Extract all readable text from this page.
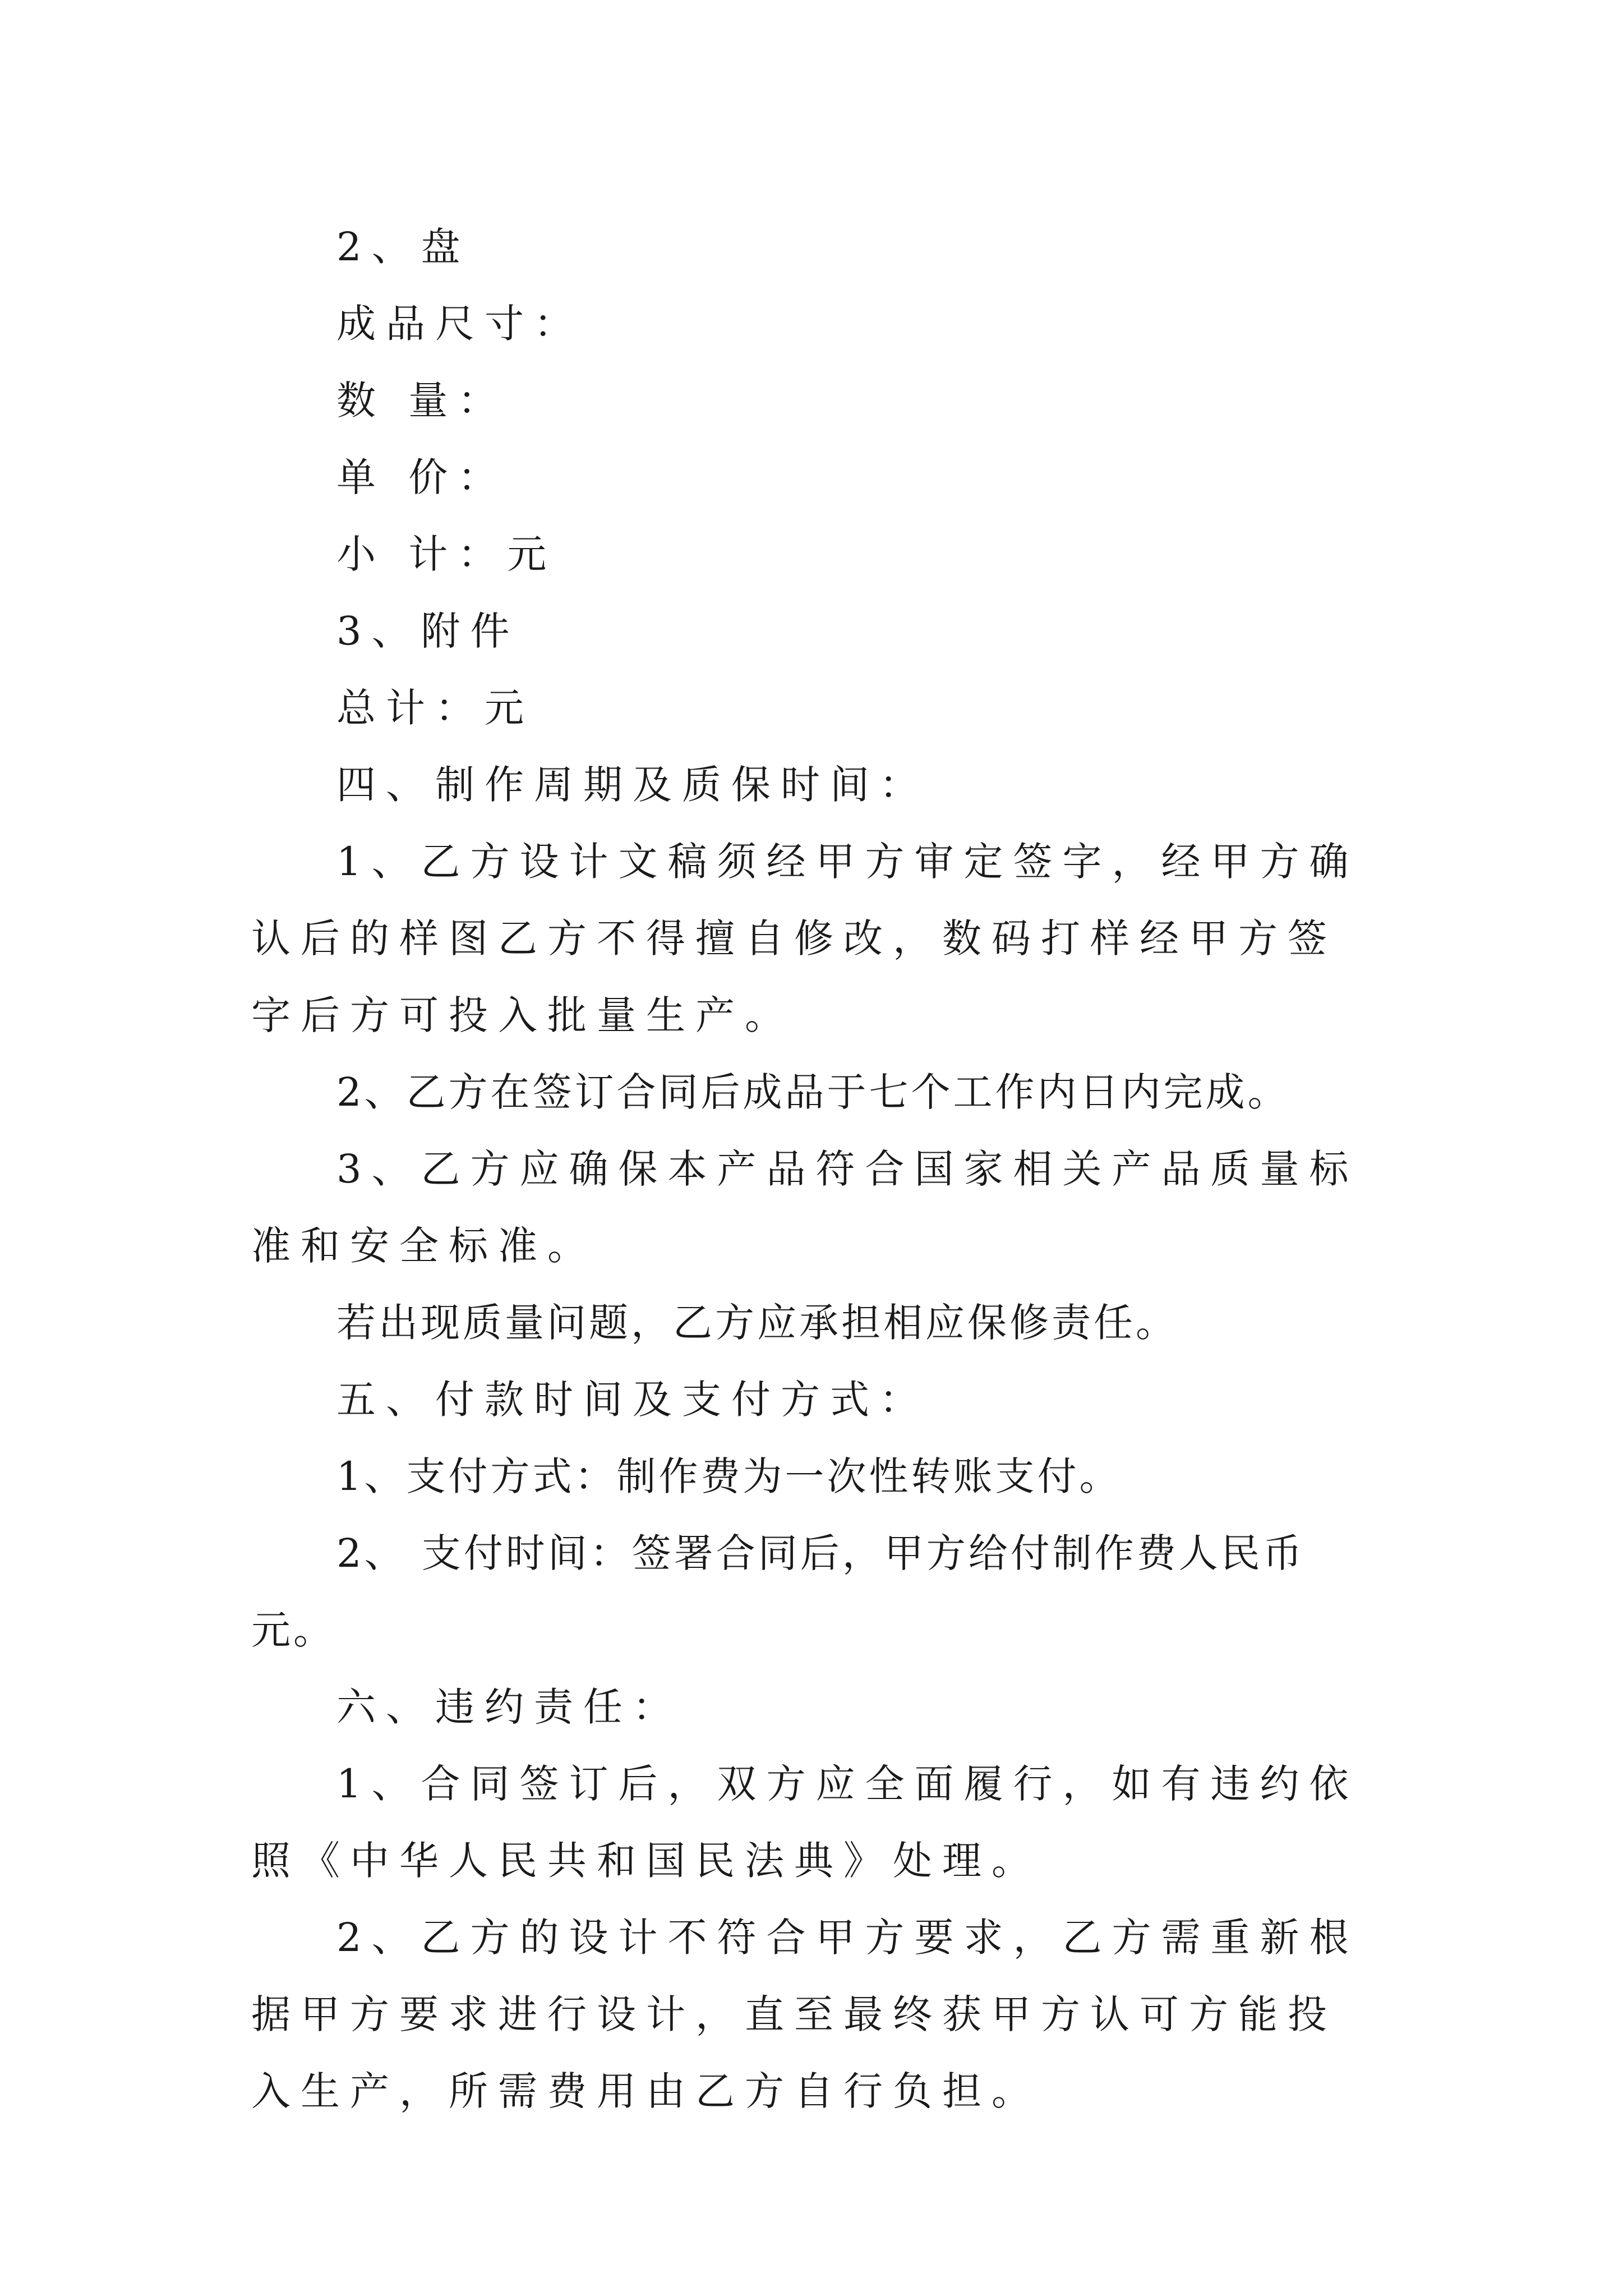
2、盘

成品尺寸：

数 量：

单 价：

小 计：元

3、附件

总计：元

四、制作周期及质保时间：

1、乙方设计文稿须经甲方审定签字，经甲方确认后的样图乙方不得擅自修改，数码打样经甲方签字后方可投入批量生产。

2、乙方在签订合同后成品于七个工作内日内完成。

3、乙方应确保本产品符合国家相关产品质量标准和安全标准。

若出现质量问题，乙方应承担相应保修责任。

五、付款时间及支付方式：

1、支付方式：制作费为一次性转账支付。

2、 支付时间：签署合同后，甲方给付制作费人民币元。

六、违约责任：

1、合同签订后，双方应全面履行，如有违约依照《中华人民共和国民法典》处理。

2、乙方的设计不符合甲方要求，乙方需重新根据甲方要求进行设计，直至最终获甲方认可方能投入生产，所需费用由乙方自行负担。
